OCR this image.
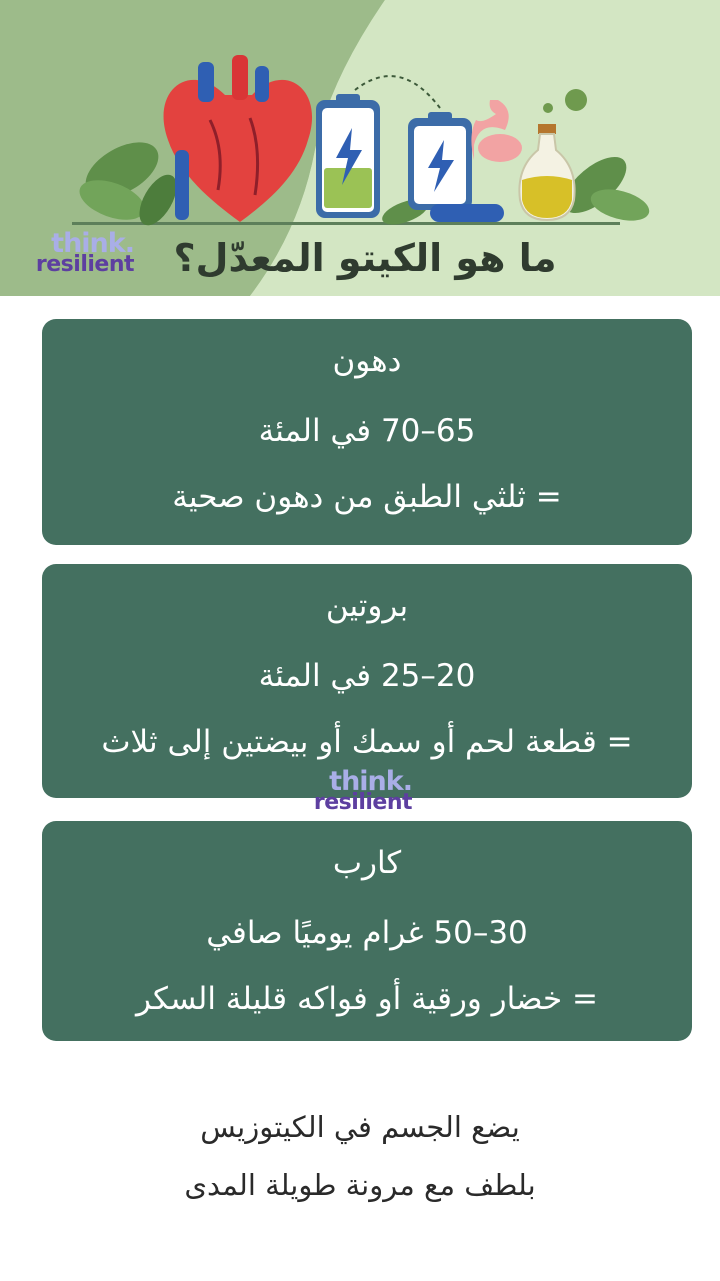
think.
resilient	ما هو الكيتو المعدّل؟
دهون
65–70 في المئة
= ثلثي الطبق من دهون صحية
بروتين
20–25 في المئة
= قطعة لحم أو سمك أو بيضتين إلى ثلاث
think.
resilient
كارب
30–50 غرام يوميًا صافي
= خضار ورقية أو فواكه قليلة السكر
يضع الجسم في الكيتوزيس
بلطف مع مرونة طويلة المدى
